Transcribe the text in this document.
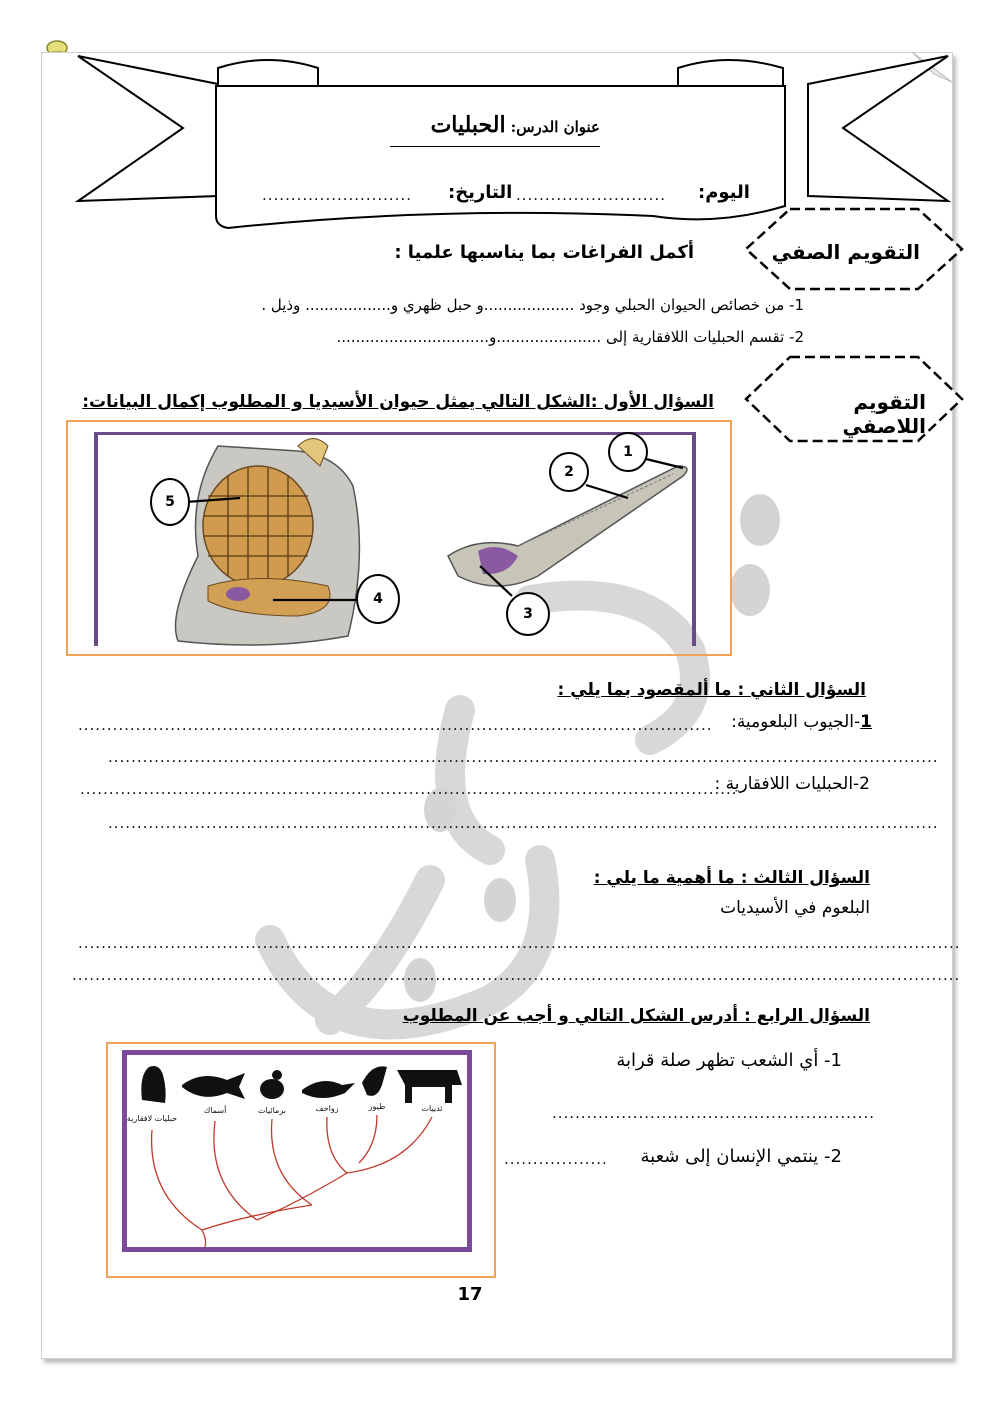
عنوان الدرس: الحبليات
اليوم:
..........................
التاريخ:
..........................
التقويم الصفي
أكمل الفراغات بما يناسبها علميا :
1- من خصائص الحيوان الحبلي وجود ...................و حبل ظهري و.................. وذيل .
2- تقسم الحبليات اللافقارية إلى ......................و................................
التقويم اللاصفي
السؤال الأول :الشكل التالي يمثل حيوان الأسيديا و المطلوب إكمال البيانات:
1
2
3
4
5
السؤال الثاني : ما ألمقصود بما يلي :
1-الجيوب البلعومية:
..............................................................................................................
................................................................................................................................................
2-الحبليات اللافقارية :
..................................................................................................................
................................................................................................................................................
السؤال الثالث : ما أهمية ما يلي :
البلعوم في الأسيديات
.........................................................................................................................................................
..........................................................................................................................................................
السؤال الرابع : أدرس الشكل التالي و أجب عن المطلوب
1- أي الشعب تظهر صلة قرابة
........................................................
2- ينتمي الإنسان إلى شعبة
..................
حبليات لافقارية
أسماك	برمائيات	زواحف	طيور	ثدييات
17
